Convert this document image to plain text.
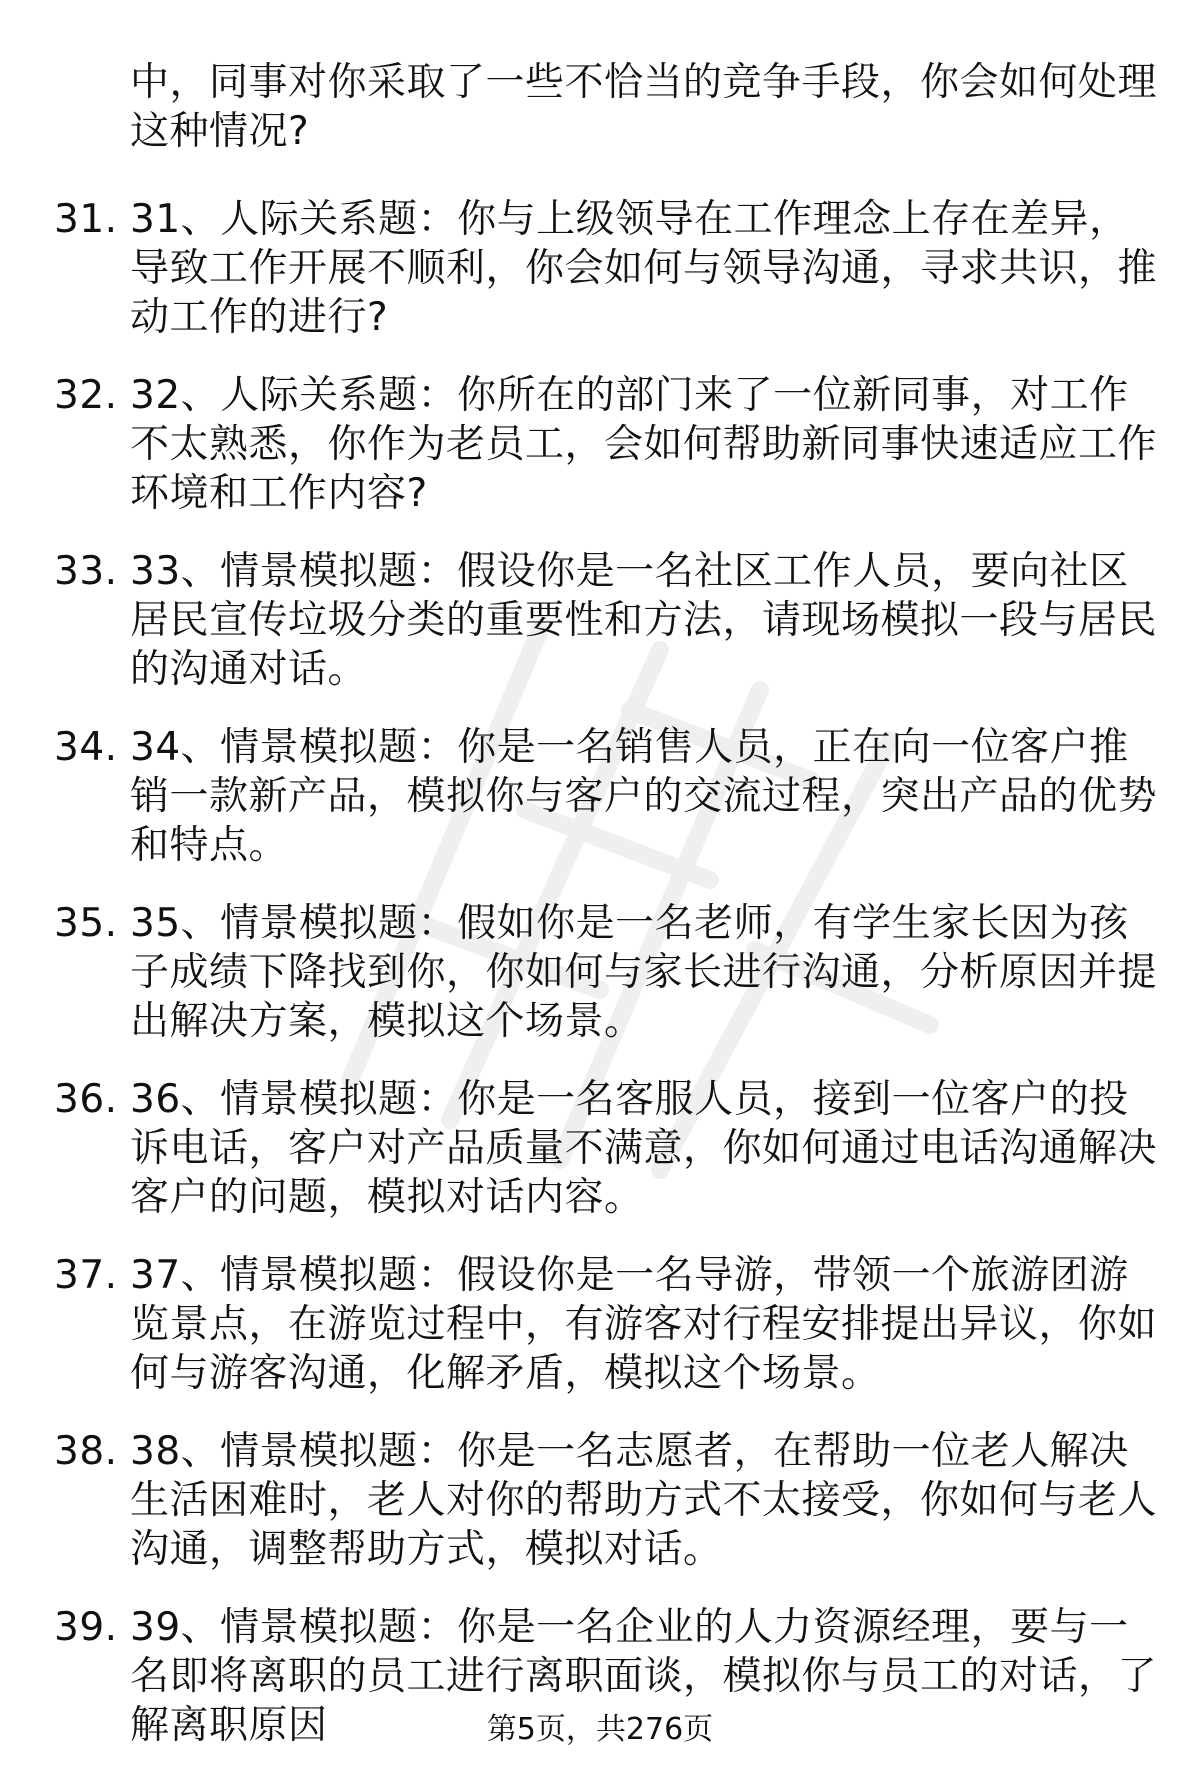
中，同事对你采取了一些不恰当的竞争手段，你会如何处理这种情况?
31. 31、人际关系题：你与上级领导在工作理念上存在差异，导致工作开展不顺利，你会如何与领导沟通，寻求共识，推动工作的进行?
32. 32、人际关系题：你所在的部门来了一位新同事，对工作不太熟悉，你作为老员工，会如何帮助新同事快速适应工作环境和工作内容?
33. 33、情景模拟题：假设你是一名社区工作人员，要向社区居民宣传垃圾分类的重要性和方法，请现场模拟一段与居民的沟通对话。
34. 34、情景模拟题：你是一名销售人员，正在向一位客户推销一款新产品，模拟你与客户的交流过程，突出产品的优势和特点。
35. 35、情景模拟题：假如你是一名老师，有学生家长因为孩子成绩下降找到你，你如何与家长进行沟通，分析原因并提出解决方案，模拟这个场景。
36. 36、情景模拟题：你是一名客服人员，接到一位客户的投诉电话，客户对产品质量不满意，你如何通过电话沟通解决客户的问题，模拟对话内容。
37. 37、情景模拟题：假设你是一名导游，带领一个旅游团游览景点，在游览过程中，有游客对行程安排提出异议，你如何与游客沟通，化解矛盾，模拟这个场景。
38. 38、情景模拟题：你是一名志愿者，在帮助一位老人解决生活困难时，老人对你的帮助方式不太接受，你如何与老人沟通，调整帮助方式，模拟对话。
39. 39、情景模拟题：你是一名企业的人力资源经理，要与一名即将离职的员工进行离职面谈，模拟你与员工的对话，了解离职原因	第5页，共276页
